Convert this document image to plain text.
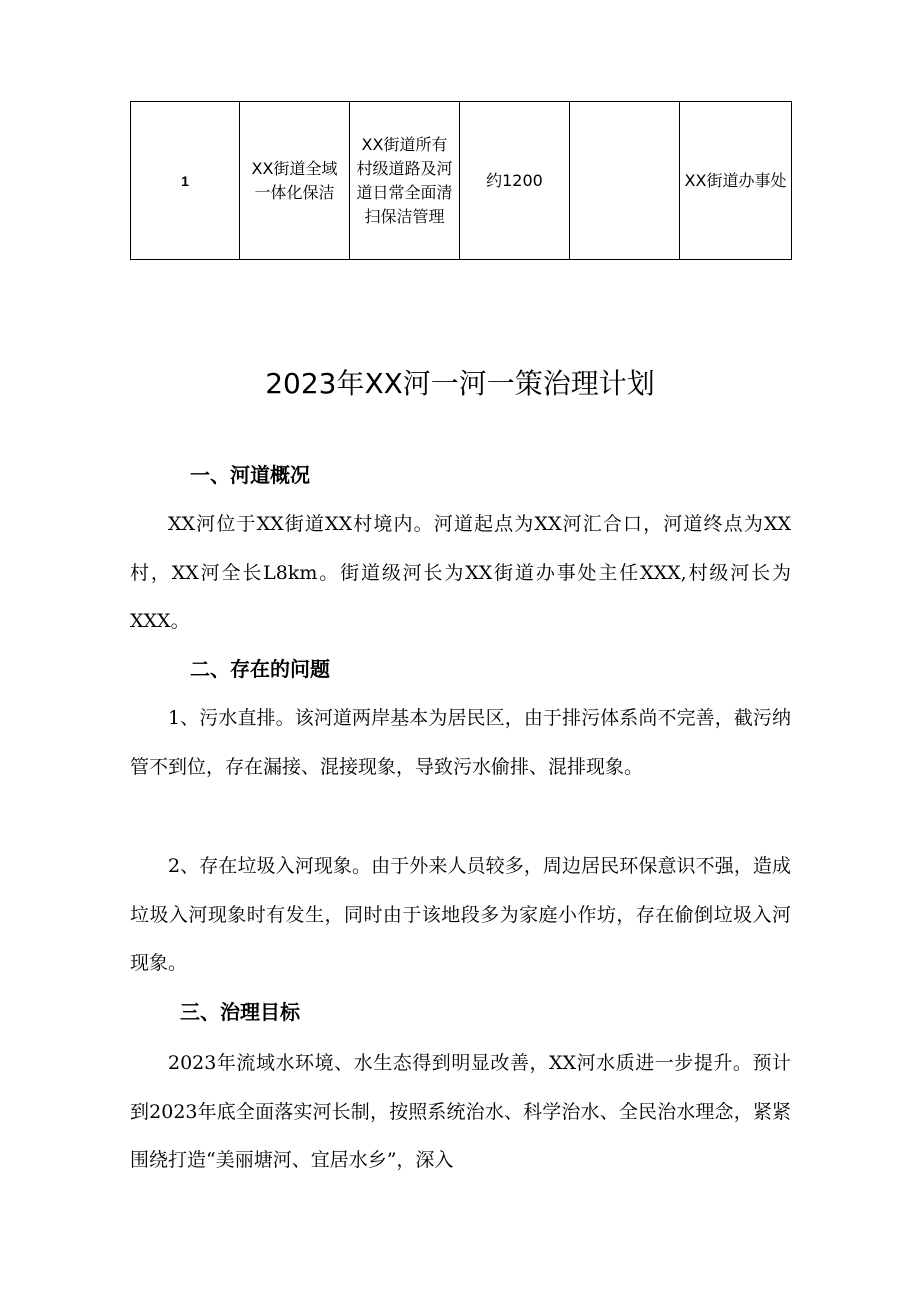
1	XX街道全域一体化保洁	XX街道所有村级道路及河道日常全面清扫保洁管理	约1200		XX街道办事处
2023年XX河一河一策治理计划
一、河道概况

XX河位于XX街道XX村境内。河道起点为XX河汇合口，河道终点为XX村，XX河全长L8km。街道级河长为XX街道办事处主任XXX,村级河长为XXX。

二、存在的问题

1、污水直排。该河道两岸基本为居民区，由于排污体系尚不完善，截污纳管不到位，存在漏接、混接现象，导致污水偷排、混排现象。

2、存在垃圾入河现象。由于外来人员较多，周边居民环保意识不强，造成垃圾入河现象时有发生，同时由于该地段多为家庭小作坊，存在偷倒垃圾入河现象。

三、治理目标

2023年流域水环境、水生态得到明显改善，XX河水质进一步提升。预计到2023年底全面落实河长制，按照系统治水、科学治水、全民治水理念，紧紧围绕打造“美丽塘河、宜居水乡”，深入
